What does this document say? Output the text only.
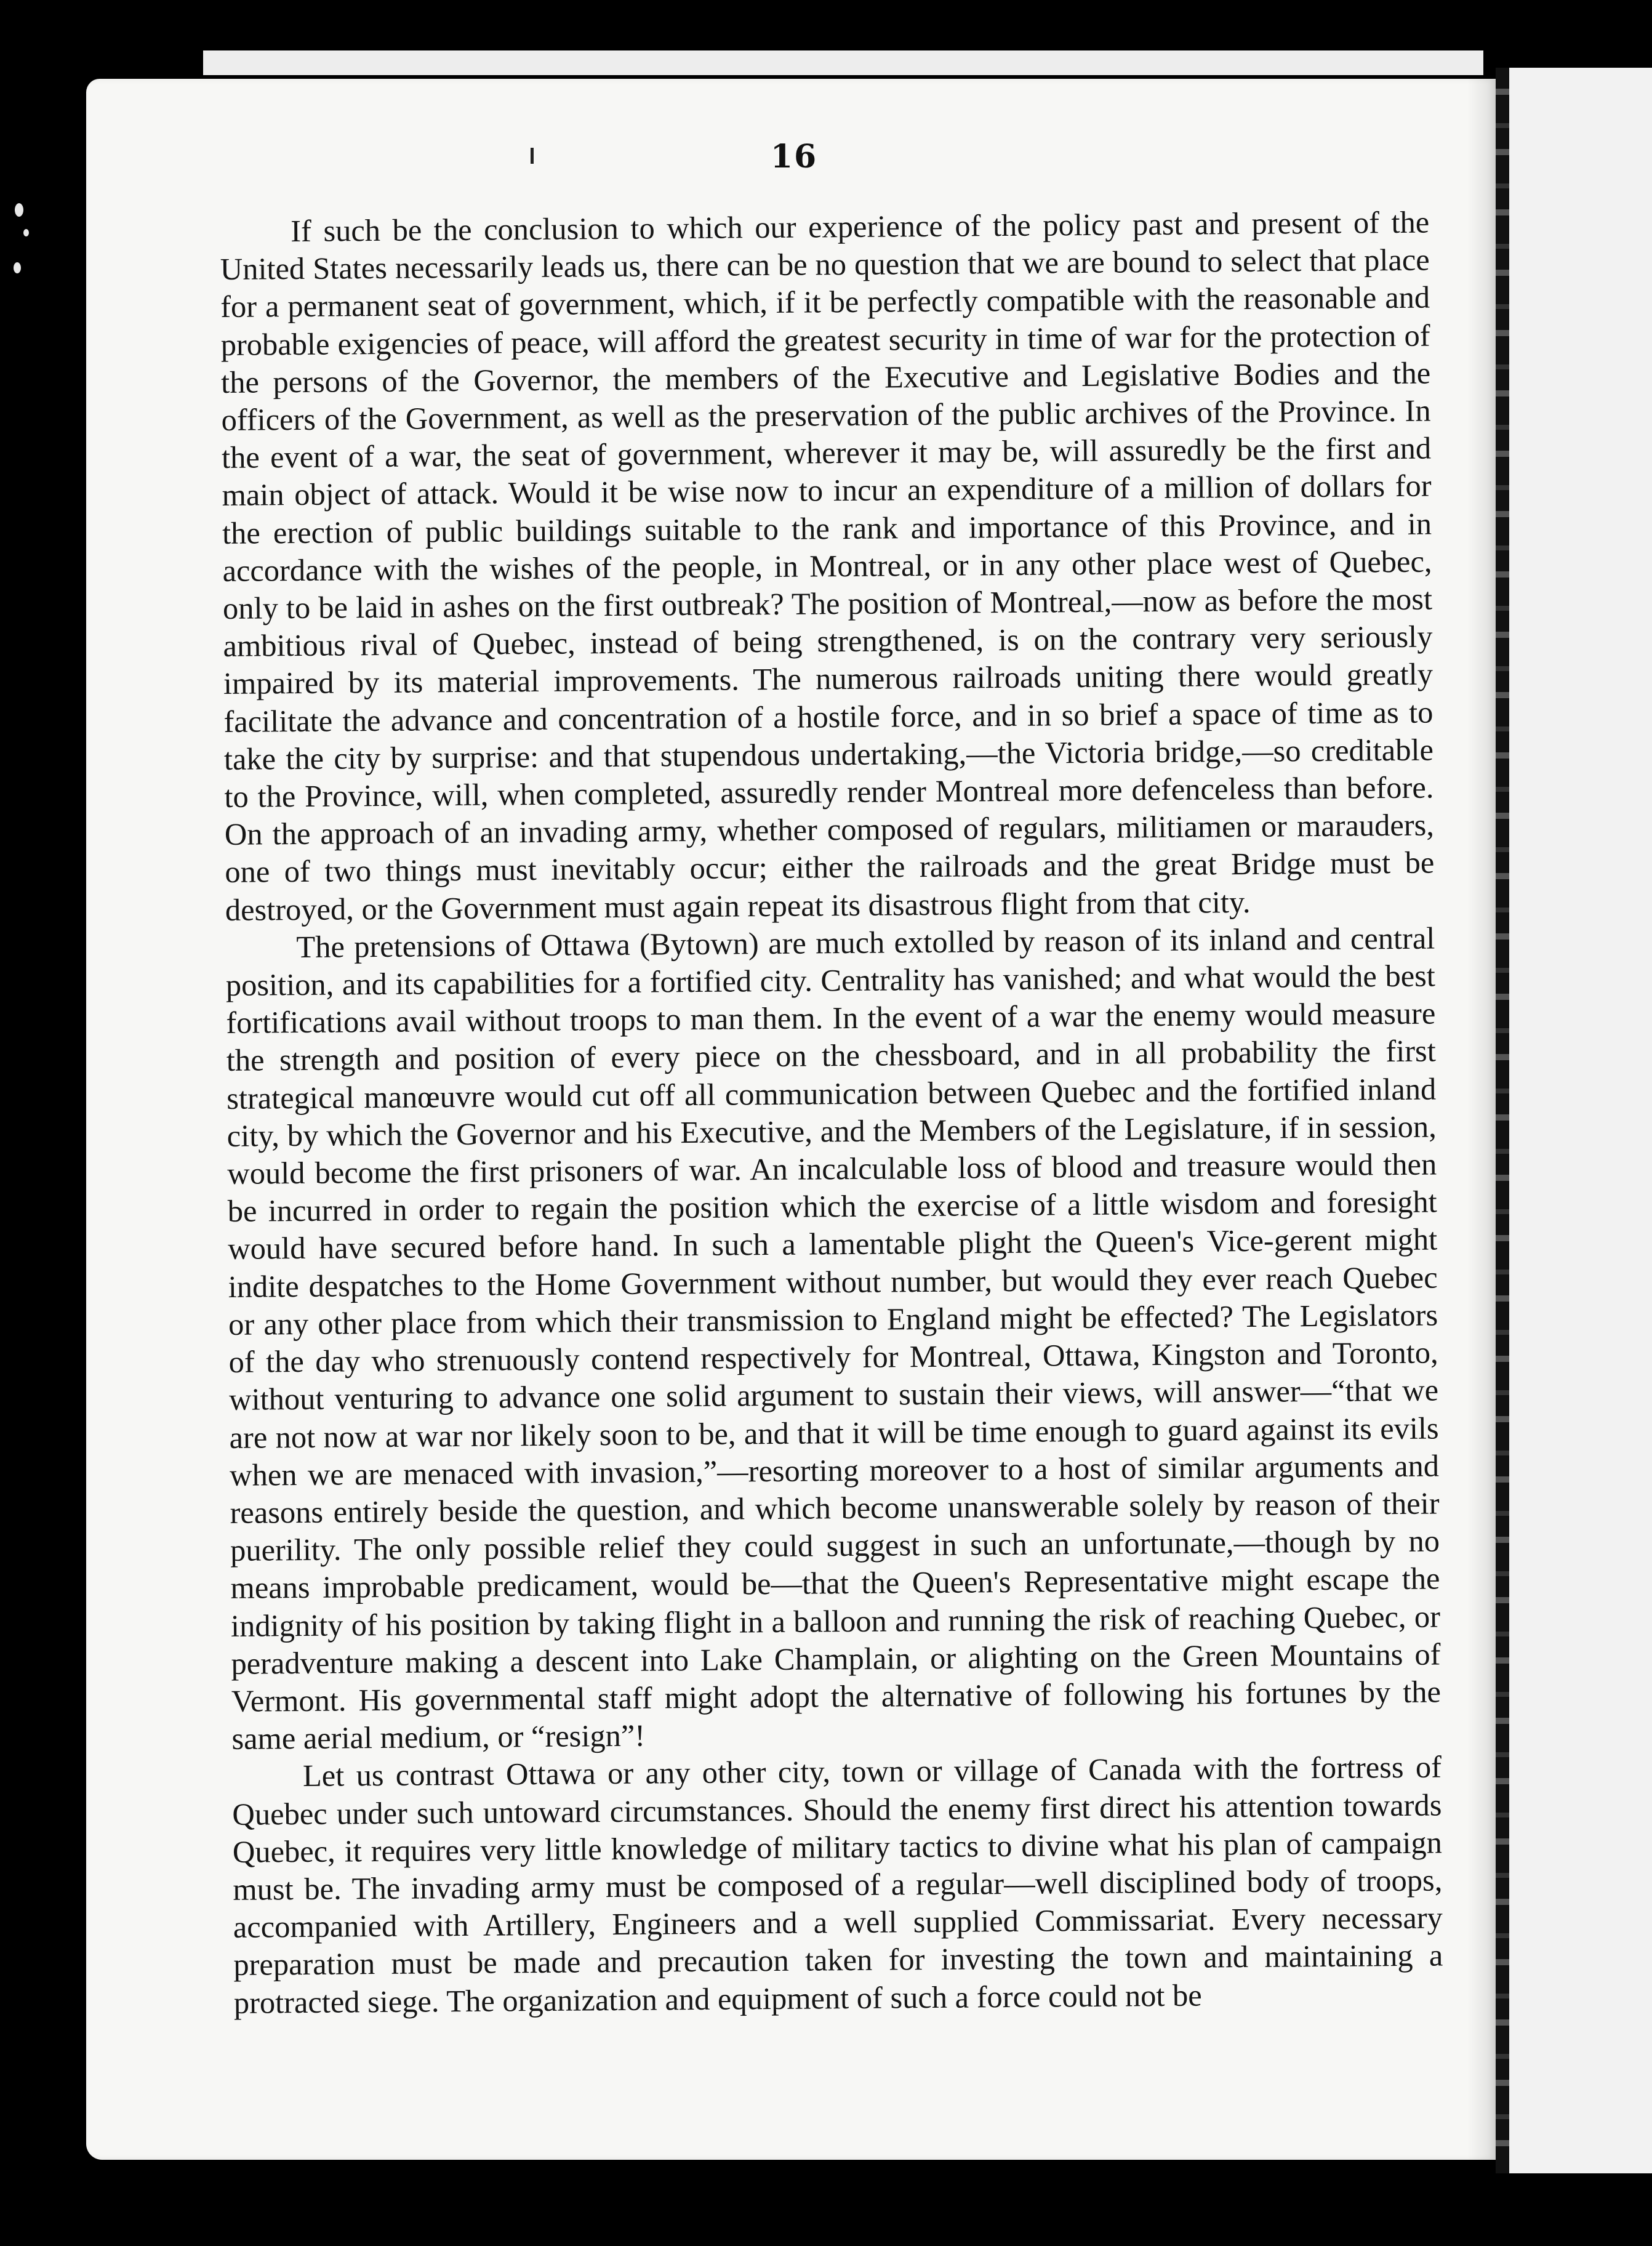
16

If such be the conclusion to which our experience of the policy past and present of the United States necessarily leads us, there can be no question that we are bound to select that place for a permanent seat of government, which, if it be perfectly compatible with the reasonable and probable exigencies of peace, will afford the greatest security in time of war for the protection of the persons of the Governor, the members of the Executive and Legislative Bodies and the officers of the Government, as well as the preservation of the public archives of the Province. In the event of a war, the seat of government, wherever it may be, will assuredly be the first and main object of attack. Would it be wise now to incur an expenditure of a million of dollars for the erection of public buildings suitable to the rank and importance of this Province, and in accordance with the wishes of the people, in Montreal, or in any other place west of Quebec, only to be laid in ashes on the first outbreak? The position of Montreal,—now as before the most ambitious rival of Quebec, instead of being strengthened, is on the contrary very seriously impaired by its material improvements. The numerous railroads uniting there would greatly facilitate the advance and concentration of a hostile force, and in so brief a space of time as to take the city by surprise: and that stupendous undertaking,—the Victoria bridge,—so creditable to the Province, will, when completed, assuredly render Montreal more defenceless than before. On the approach of an invading army, whether composed of regulars, militiamen or marauders, one of two things must inevitably occur; either the railroads and the great Bridge must be destroyed, or the Government must again repeat its disastrous flight from that city.

The pretensions of Ottawa (Bytown) are much extolled by reason of its inland and central position, and its capabilities for a fortified city. Centrality has vanished; and what would the best fortifications avail without troops to man them. In the event of a war the enemy would measure the strength and position of every piece on the chessboard, and in all probability the first strategical manœuvre would cut off all communication between Quebec and the fortified inland city, by which the Governor and his Executive, and the Members of the Legislature, if in session, would become the first prisoners of war. An incalculable loss of blood and treasure would then be incurred in order to regain the position which the exercise of a little wisdom and foresight would have secured before hand. In such a lamentable plight the Queen's Vice-gerent might indite despatches to the Home Government without number, but would they ever reach Quebec or any other place from which their transmission to England might be effected? The Legislators of the day who strenuously contend respectively for Montreal, Ottawa, Kingston and Toronto, without venturing to advance one solid argument to sustain their views, will answer—“that we are not now at war nor likely soon to be, and that it will be time enough to guard against its evils when we are menaced with invasion,”—resorting moreover to a host of similar arguments and reasons entirely beside the question, and which become unanswerable solely by reason of their puerility. The only possible relief they could suggest in such an unfortunate,—though by no means improbable predicament, would be—that the Queen's Representative might escape the indignity of his position by taking flight in a balloon and running the risk of reaching Quebec, or peradventure making a descent into Lake Champlain, or alighting on the Green Mountains of Vermont. His governmental staff might adopt the alternative of following his fortunes by the same aerial medium, or “resign”!

Let us contrast Ottawa or any other city, town or village of Canada with the fortress of Quebec under such untoward circumstances. Should the enemy first direct his attention towards Quebec, it requires very little knowledge of military tactics to divine what his plan of campaign must be. The invading army must be composed of a regular—well disciplined body of troops, accompanied with Artillery, Engineers and a well supplied Commissariat. Every necessary preparation must be made and precaution taken for investing the town and maintaining a protracted siege. The organization and equipment of such a force could not be
